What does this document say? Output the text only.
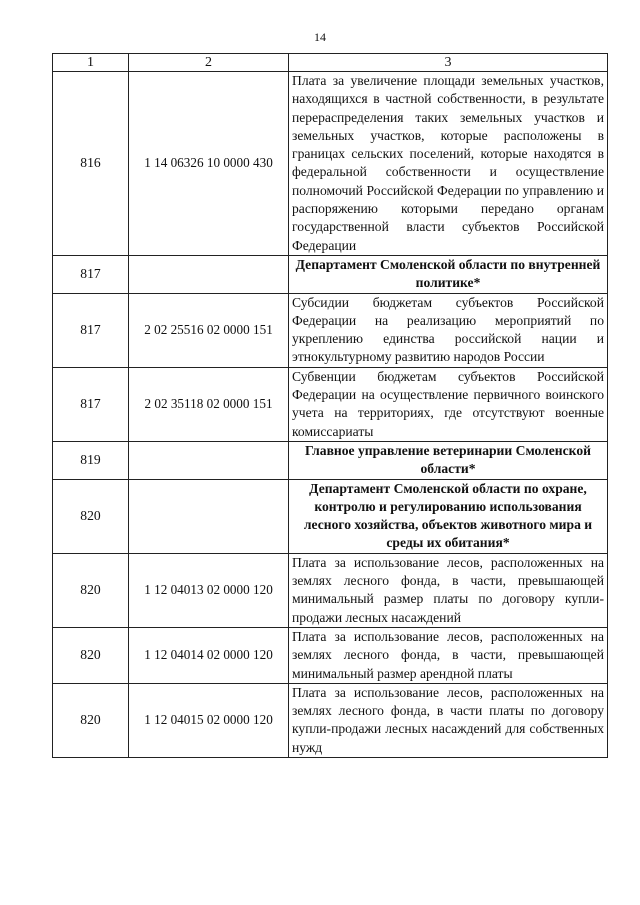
14
1	2	3
816	1 14 06326 10 0000 430	Плата за увеличение площади земельных участков, находящихся в частной собственности, в результате перераспределения таких земельных участков и земельных участков, которые расположены в границах сельских поселений, которые находятся в федеральной собственности и осуществление полномочий Российской Федерации по управлению и распоряжению которыми передано органам государственной власти субъектов Российской Федерации
817		Департамент Смоленской области по внутренней политике*
817	2 02 25516 02 0000 151	Субсидии бюджетам субъектов Российской Федерации на реализацию мероприятий по укреплению единства российской нации и этнокультурному развитию народов России
817	2 02 35118 02 0000 151	Субвенции бюджетам субъектов Российской Федерации на осуществление первичного воинского учета на территориях, где отсутствуют военные комиссариаты
819		Главное управление ветеринарии Смоленской области*
820		Департамент Смоленской области по охране, контролю и регулированию использования лесного хозяйства, объектов животного мира и среды их обитания*
820	1 12 04013 02 0000 120	Плата за использование лесов, расположенных на землях лесного фонда, в части, превышающей минимальный размер платы по договору купли-продажи лесных насаждений
820	1 12 04014 02 0000 120	Плата за использование лесов, расположенных на землях лесного фонда, в части, превышающей минимальный размер арендной платы
820	1 12 04015 02 0000 120	Плата за использование лесов, расположенных на землях лесного фонда, в части платы по договору купли-продажи лесных насаждений для собственных нужд
